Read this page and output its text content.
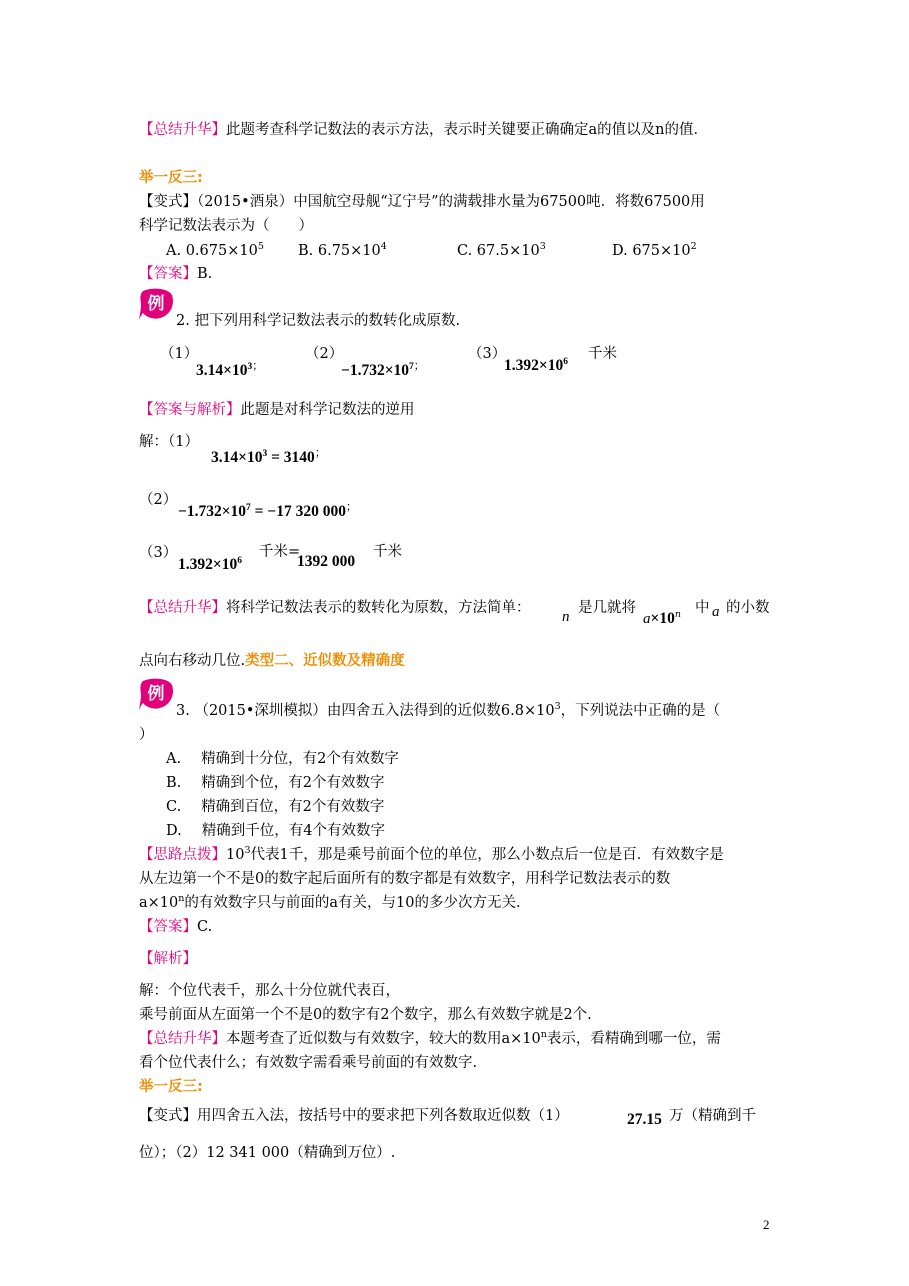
【总结升华】此题考查科学记数法的表示方法，表示时关键要正确确定a的值以及n的值．
举一反三:
【变式】（2015•酒泉）中国航空母舰“辽宁号”的满载排水量为67500吨．将数67500用
科学记数法表示为（　　）
A. $0.675\times 10^5$ B. $6.75\times 10^4$	C. $67.5\times 10^3$	D. $675\times 10^2$
【答案】B.
例
2. 把下列用科学记数法表示的数转化成原数.
（1）
$3.14\times 10^{3;}$
（2）
$-1.732\times 10^{7;}$
（3）
$1.392\times 10^6$ 千米
【答案与解析】此题是对科学记数法的逆用
解：（1）
$3.14\times 10^3 = 3140^;$
（2）
$-1.732\times 10^7 = -17$ 320 000；
（3）
$1.392\times 10^6$
千米=
1392 000
千米
【总结升华】将科学记数法表示的数转化为原数，方法简单：
n
是几就将
$a\times 10^n$ 中 a 的小数
点向右移动几位.类型二、近似数及精确度
例
3. （2015•深圳模拟）由四舍五入法得到的近似数$6.8\times 10^3$，下列说法中正确的是（
）
A. 精确到十分位，有2个有效数字
B. 精确到个位，有2个有效数字
C. 精确到百位，有2个有效数字
D. 精确到千位，有4个有效数字
【思路点拨】$10^3$代表1千，那是乘号前面个位的单位，那么小数点后一位是百．有效数字是
从左边第一个不是0的数字起后面所有的数字都是有效数字，用科学记数法表示的数
$a\times 10^n$的有效数字只与前面的a有关，与10的多少次方无关.
【答案】C.
【解析】
解：个位代表千，那么十分位就代表百，
乘号前面从左面第一个不是0的数字有2个数字，那么有效数字就是2个.
【总结升华】本题考查了近似数与有效数字，较大的数用$a\times 10^n$表示，看精确到哪一位，需
看个位代表什么；有效数字需看乘号前面的有效数字.
举一反三:
【变式】用四舍五入法，按括号中的要求把下列各数取近似数（1）	27.15 万（精确到千
位）；（2）12 341 000（精确到万位）.
2
